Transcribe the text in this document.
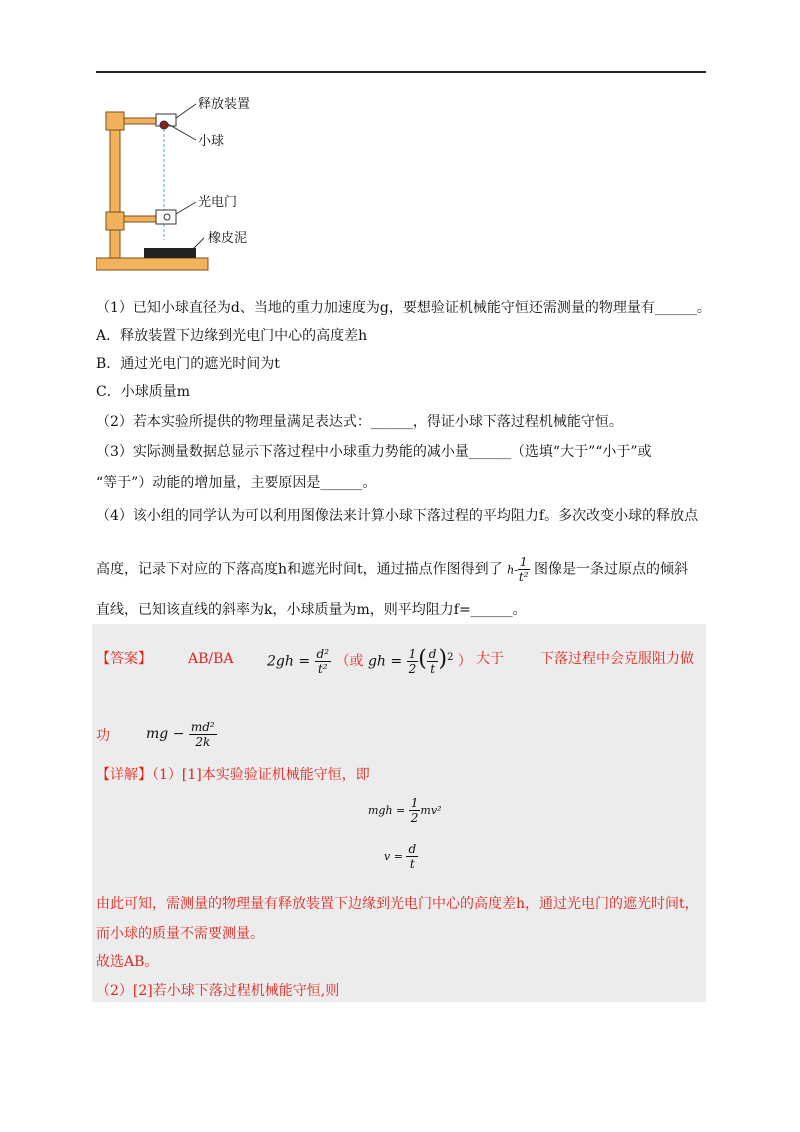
释放装置
小球
光电门
橡皮泥
（1）已知小球直径为d、当地的重力加速度为g，要想验证机械能守恒还需测量的物理量有______。
A．释放装置下边缘到光电门中心的高度差h
B．通过光电门的遮光时间为t
C．小球质量m
（2）若本实验所提供的物理量满足表达式：______，得证小球下落过程机械能守恒。
（3）实际测量数据总显示下落过程中小球重力势能的减小量______（选填“大于”“小于”或
“等于”）动能的增加量，主要原因是______。
（4）该小组的同学认为可以利用图像法来计算小球下落过程的平均阻力f。多次改变小球的释放点
高度，记录下对应的下落高度h和遮光时间t，通过描点作图得到了 $h- \frac{1}{\text{t²}}$ 图像是一条过原点的倾斜
直线，已知该直线的斜率为k，小球质量为m，则平均阻力f=______。
【答案】	AB/BA $2gh = \frac{\text{d²}}{\text{t²}}$ （或 gh = $\frac{1}{2}$ ( $\frac{d}{t} )^2$ ） 大于	下落过程中会克服阻力做
功	mg − $\frac{\text{md²}}{2k}$
【详解】（1）[1]本实验验证机械能守恒，即
mgh = $\frac{1}{2} mv^2$
$v = \frac{d}{t}$
由此可知，需测量的物理量有释放装置下边缘到光电门中心的高度差h，通过光电门的遮光时间t，
而小球的质量不需要测量。
故选AB。
（2）[2]若小球下落过程机械能守恒,则
